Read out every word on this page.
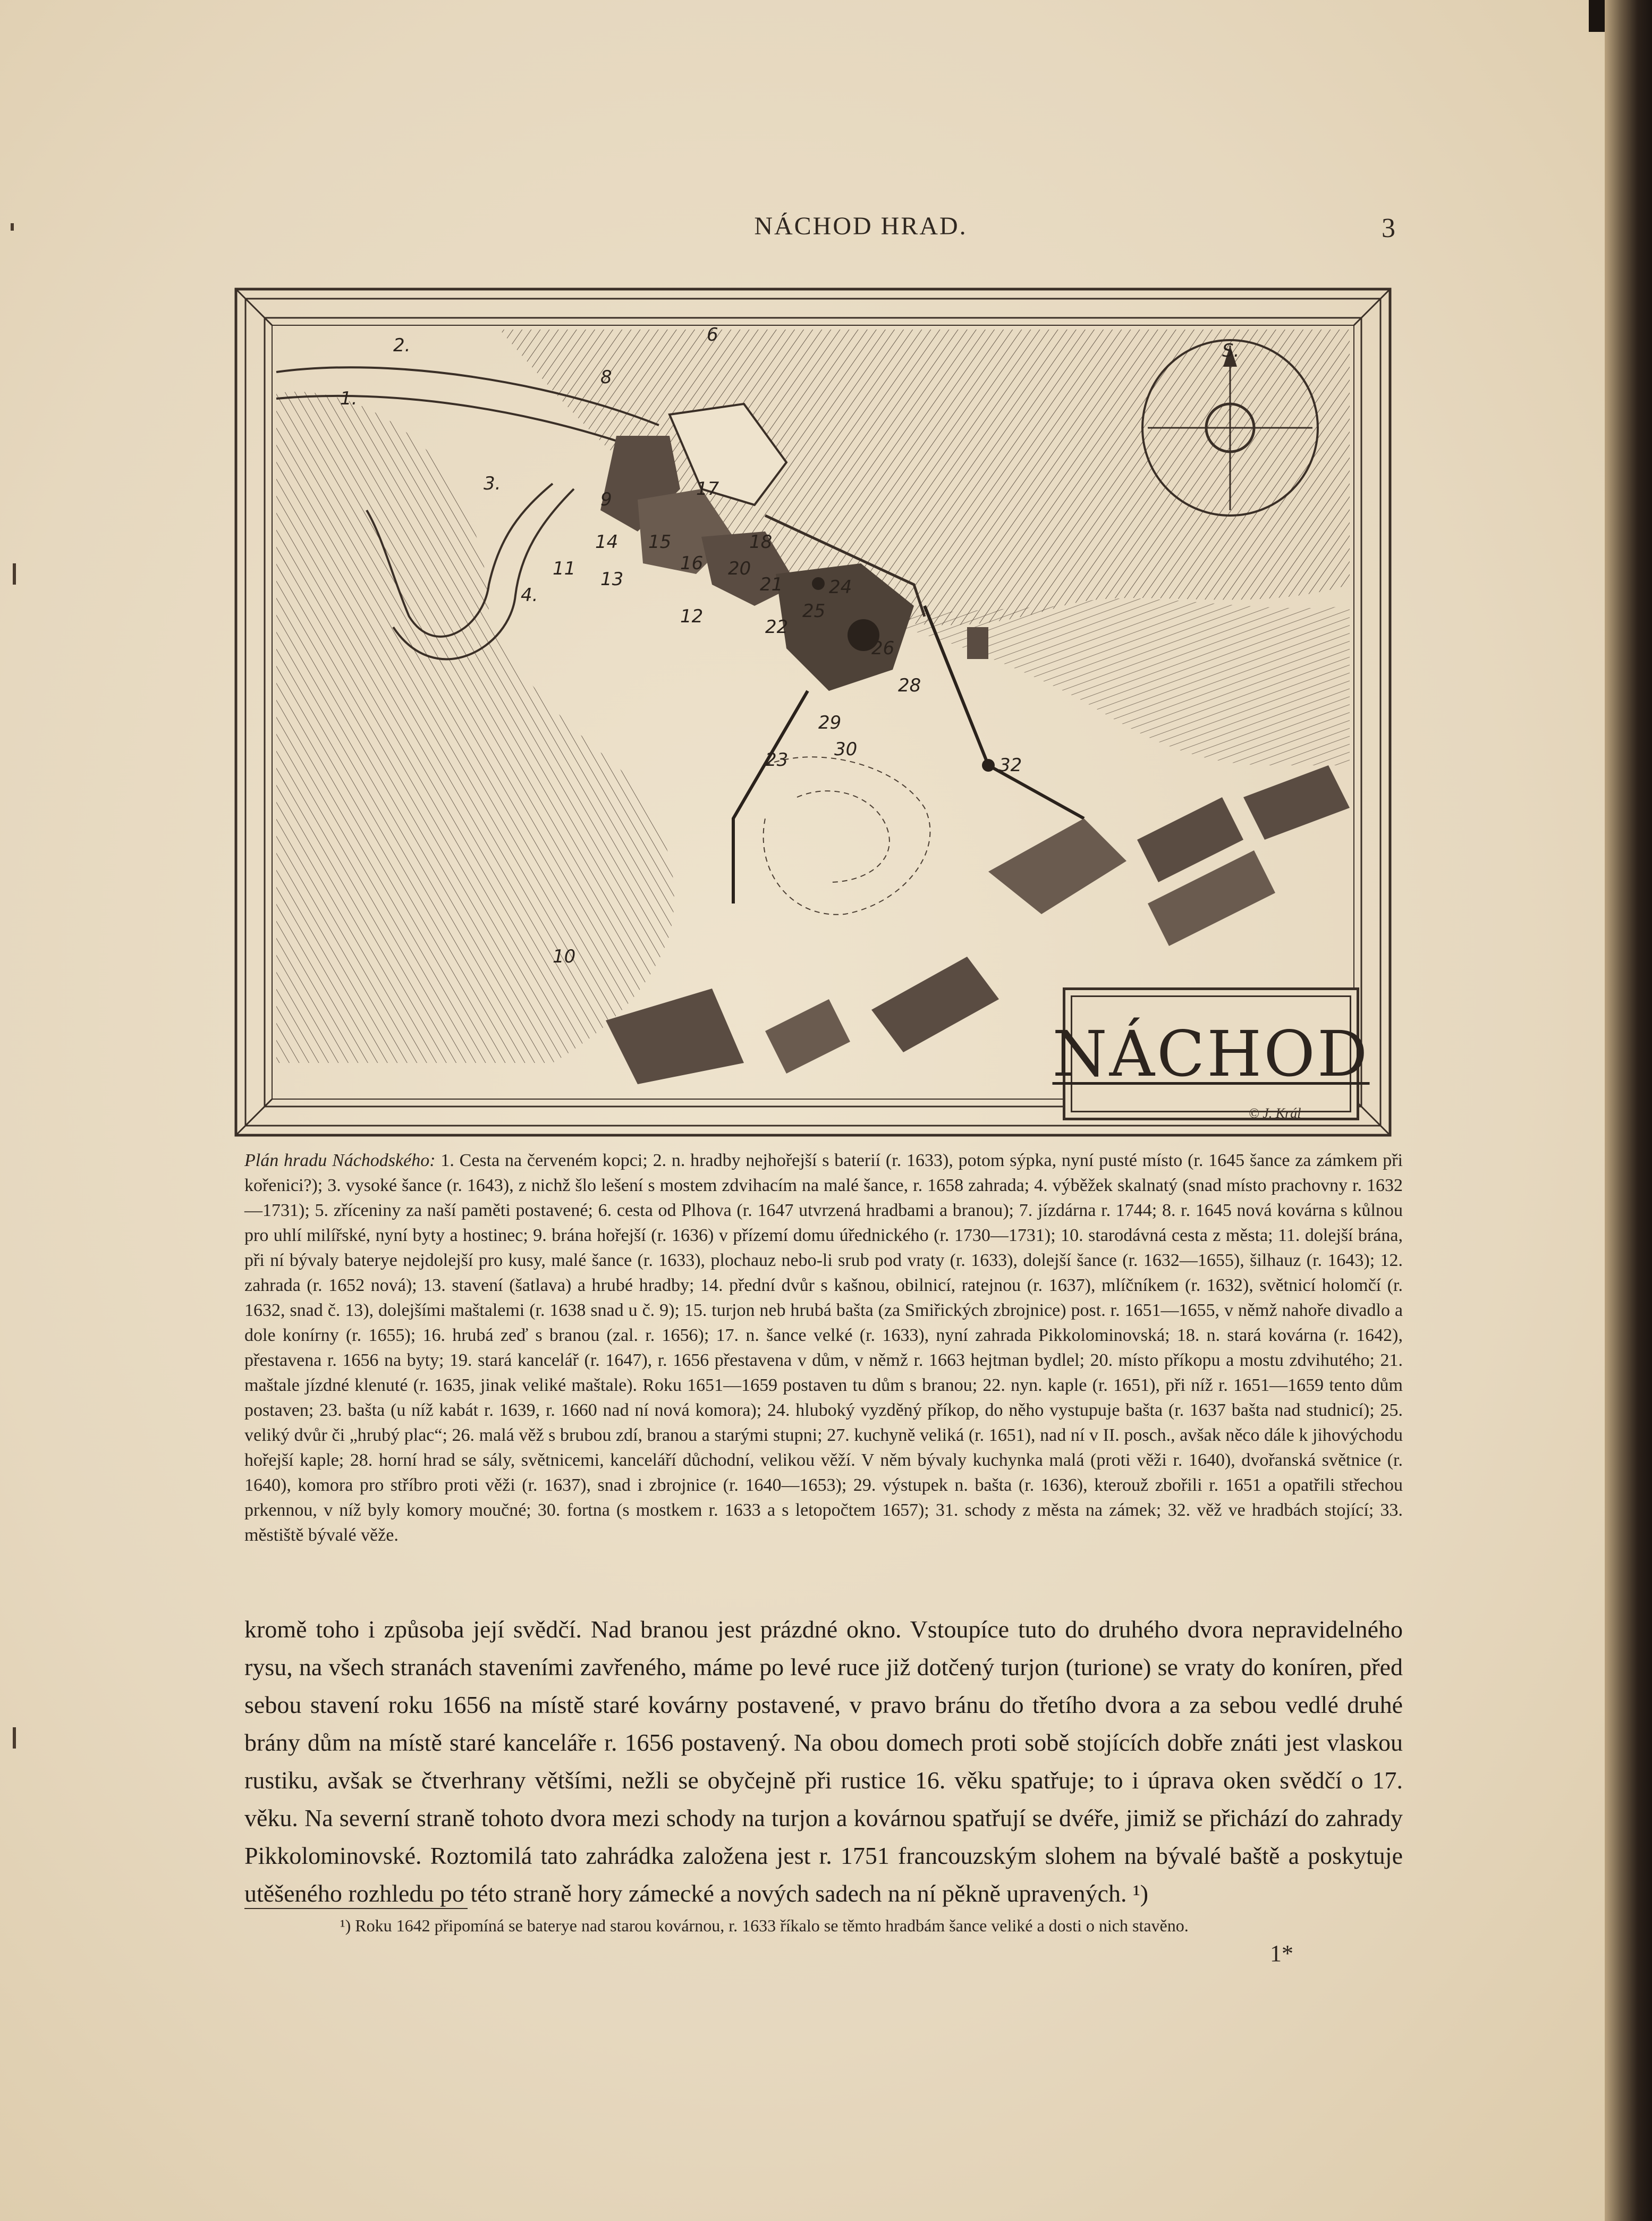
NÁCHOD HRAD.	3
1.
2.
3.
4.
6
8
9
10
11
12
13
14 15
16
17
18
20
21
22
23
24
25
26
28
29
30
32
S.
NÁCHOD
© J. Král
Plán hradu Náchodského: 1. Cesta na červeném kopci; 2. n. hradby nejhořejší s baterií (r. 1633), potom sýpka, nyní pusté místo (r. 1645 šance za zámkem při kořenici?); 3. vysoké šance (r. 1643), z nichž šlo lešení s mostem zdvihacím na malé šance, r. 1658 zahrada; 4. výběžek skalnatý (snad místo prachovny r. 1632—1731); 5. zříceniny za naší paměti postavené; 6. cesta od Plhova (r. 1647 utvrzená hradbami a branou); 7. jízdárna r. 1744; 8. r. 1645 nová kovárna s kůlnou pro uhlí milířské, nyní byty a hostinec; 9. brána hořejší (r. 1636) v přízemí domu úřednického (r. 1730—1731); 10. starodávná cesta z města; 11. dolejší brána, při ní bývaly baterye nejdolejší pro kusy, malé šance (r. 1633), plochauz nebo-li srub pod vraty (r. 1633), dolejší šance (r. 1632—1655), šilhauz (r. 1643); 12. zahrada (r. 1652 nová); 13. stavení (šatlava) a hrubé hradby; 14. přední dvůr s kašnou, obilnicí, ratejnou (r. 1637), mlíčníkem (r. 1632), světnicí holomčí (r. 1632, snad č. 13), dolejšími maštalemi (r. 1638 snad u č. 9); 15. turjon neb hrubá bašta (za Smiřických zbrojnice) post. r. 1651—1655, v němž nahoře divadlo a dole konírny (r. 1655); 16. hrubá zeď s branou (zal. r. 1656); 17. n. šance velké (r. 1633), nyní zahrada Pikkolominovská; 18. n. stará kovárna (r. 1642), přestavena r. 1656 na byty; 19. stará kancelář (r. 1647), r. 1656 přestavena v dům, v němž r. 1663 hejtman bydlel; 20. místo příkopu a mostu zdvihutého; 21. maštale jízdné klenuté (r. 1635, jinak veliké maštale). Roku 1651—1659 postaven tu dům s branou; 22. nyn. kaple (r. 1651), při níž r. 1651—1659 tento dům postaven; 23. bašta (u níž kabát r. 1639, r. 1660 nad ní nová komora); 24. hluboký vyzděný příkop, do něho vystupuje bašta (r. 1637 bašta nad studnicí); 25. veliký dvůr či „hrubý plac“; 26. malá věž s brubou zdí, branou a starými stupni; 27. kuchyně veliká (r. 1651), nad ní v II. posch., avšak něco dále k jihovýchodu hořejší kaple; 28. horní hrad se sály, světnicemi, kanceláří důchodní, velikou věží. V něm bývaly kuchynka malá (proti věži r. 1640), dvořanská světnice (r. 1640), komora pro stříbro proti věži (r. 1637), snad i zbrojnice (r. 1640—1653); 29. výstupek n. bašta (r. 1636), kterouž zbořili r. 1651 a opatřili střechou prkennou, v níž byly komory moučné; 30. fortna (s mostkem r. 1633 a s letopočtem 1657); 31. schody z města na zámek; 32. věž ve hradbách stojící; 33. městiště bývalé věže.
kromě toho i způsoba její svědčí. Nad branou jest prázdné okno. Vstoupíce tuto do druhého dvora nepravidelného rysu, na všech stranách staveními zavřeného, máme po levé ruce již dotčený turjon (turione) se vraty do koníren, před sebou stavení roku 1656 na místě staré kovárny postavené, v pravo bránu do třetího dvora a za sebou vedlé druhé brány dům na místě staré kanceláře r. 1656 postavený. Na obou domech proti sobě stojících dobře znáti jest vlaskou rustiku, avšak se čtverhrany většími, nežli se obyčejně při rustice 16. věku spatřuje; to i úprava oken svědčí o 17. věku. Na severní straně tohoto dvora mezi schody na turjon a kovárnou spatřují se dvéře, jimiž se přichází do zahrady Pikkolominovské. Roztomilá tato zahrádka založena jest r. 1751 francouzským slohem na bývalé baště a poskytuje utěšeného rozhledu po této straně hory zámecké a nových sadech na ní pěkně upravených. ¹)
¹) Roku 1642 připomíná se baterye nad starou kovárnou, r. 1633 říkalo se těmto hradbám šance veliké a dosti o nich stavěno.
1*
